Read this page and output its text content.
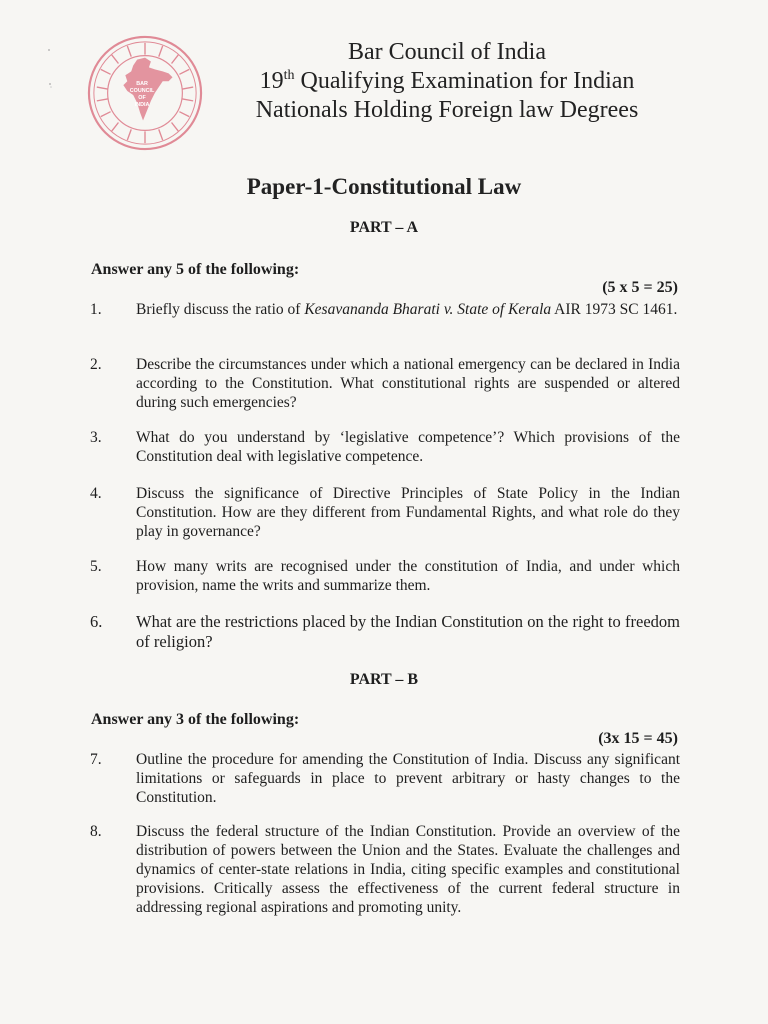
BAR
COUNCIL
OF
INDIA
Bar Council of India
19th Qualifying Examination for Indian
Nationals Holding Foreign law Degrees
Paper-1-Constitutional Law
PART – A
Answer any 5 of the following:
(5 x 5 = 25)
1.	Briefly discuss the ratio of Kesavananda Bharati v. State of Kerala AIR 1973 SC 1461.
2.	Describe the circumstances under which a national emergency can be declared in India according to the Constitution. What constitutional rights are suspended or altered during such emergencies?
3.	What do you understand by ‘legislative competence’? Which provisions of the Constitution deal with legislative competence.
4.	Discuss the significance of Directive Principles of State Policy in the Indian Constitution. How are they different from Fundamental Rights, and what role do they play in governance?
5.	How many writs are recognised under the constitution of India, and under which provision, name the writs and summarize them.
6.	What are the restrictions placed by the Indian Constitution on the right to freedom of religion?
PART – B
Answer any 3 of the following:
(3x 15 = 45)
7.	Outline the procedure for amending the Constitution of India. Discuss any significant limitations or safeguards in place to prevent arbitrary or hasty changes to the Constitution.
8.	Discuss the federal structure of the Indian Constitution. Provide an overview of the distribution of powers between the Union and the States. Evaluate the challenges and dynamics of center-state relations in India, citing specific examples and constitutional provisions. Critically assess the effectiveness of the current federal structure in addressing regional aspirations and promoting unity.
